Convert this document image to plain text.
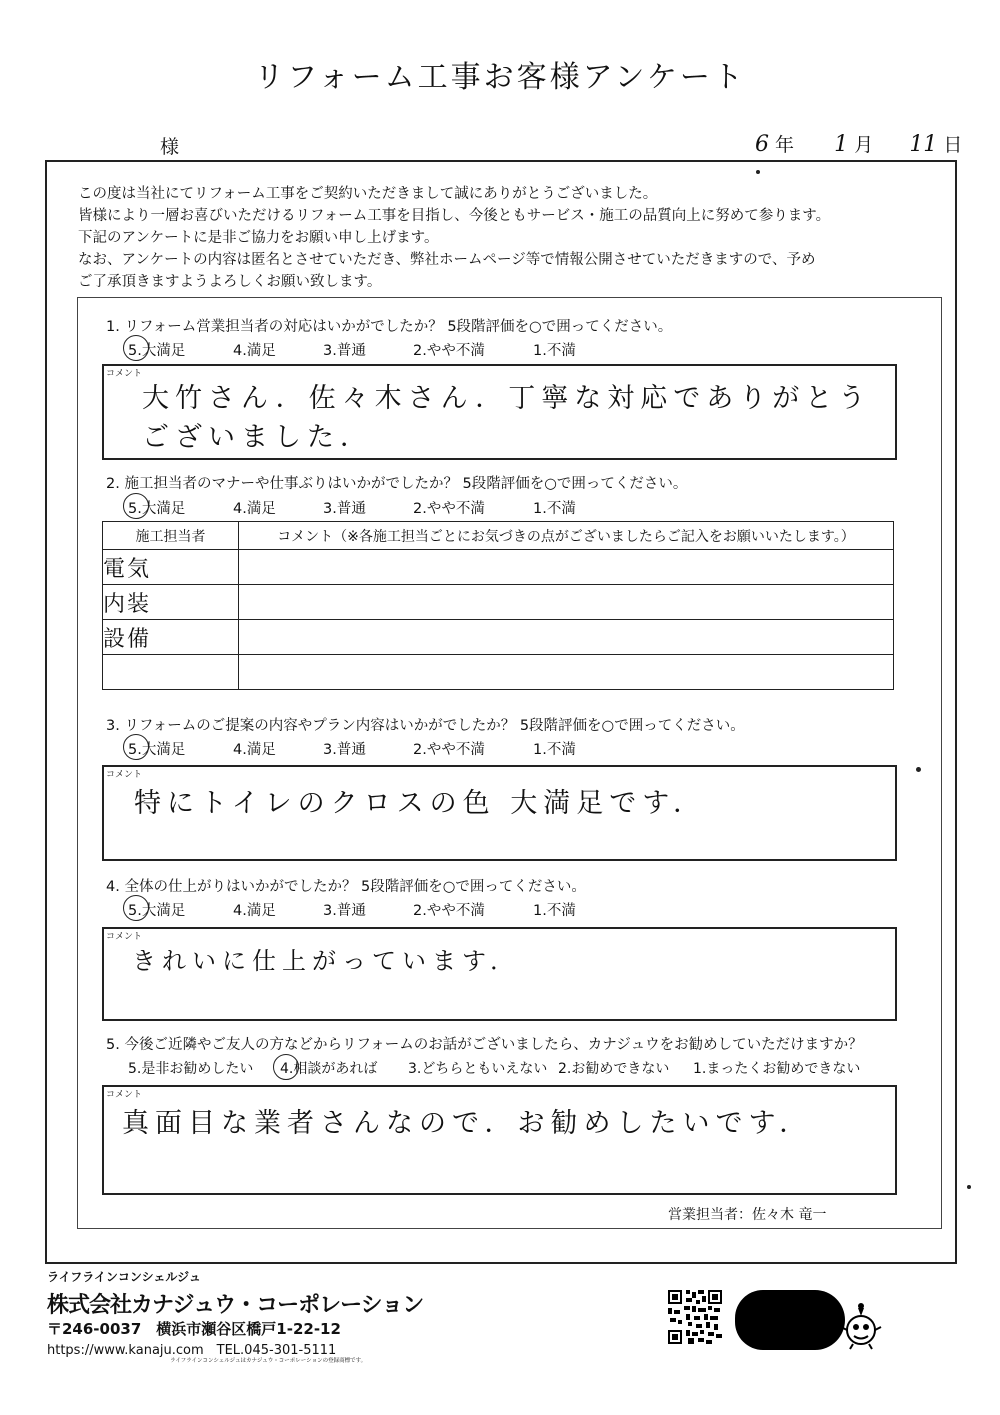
リフォーム工事お客様アンケート
様	6 年 1 月 11 日
この度は当社にてリフォーム工事をご契約いただきまして誠にありがとうございました。
皆様により一層お喜びいただけるリフォーム工事を目指し、今後ともサービス・施工の品質向上に努めて参ります。
下記のアンケートに是非ご協力をお願い申し上げます。
なお、アンケートの内容は匿名とさせていただき、弊社ホームページ等で情報公開させていただきますので、予め
ご了承頂きますようよろしくお願い致します。
1. リフォーム営業担当者の対応はいかがでしたか？ 5段階評価を○で囲ってください。
5.大満足	4.満足	3.普通	2.やや不満	1.不満
コメント
大竹さん．佐々木さん．丁寧な対応でありがとうございました．
2. 施工担当者のマナーや仕事ぶりはいかがでしたか？ 5段階評価を○で囲ってください。
5.大満足	4.満足	3.普通	2.やや不満	1.不満
施工担当者	コメント（※各施工担当ごとにお気づきの点がございましたらご記入をお願いいたします。）
電気	
内装	
設備	

3. リフォームのご提案の内容やプラン内容はいかがでしたか？ 5段階評価を○で囲ってください。
5.大満足	4.満足	3.普通	2.やや不満	1.不満
コメント
特にトイレのクロスの色 大満足です．
4. 全体の仕上がりはいかがでしたか？ 5段階評価を○で囲ってください。
5.大満足	4.満足	3.普通	2.やや不満	1.不満
コメント
きれいに仕上がっています．
5. 今後ご近隣やご友人の方などからリフォームのお話がございましたら、カナジュウをお勧めしていただけますか？
5.是非お勧めしたい	4.相談があれば	3.どちらともいえない 2.お勧めできない	1.まったくお勧めできない
コメント
真面目な業者さんなので．お勧めしたいです．
営業担当者：佐々木 竜一
ライフラインコンシェルジュ
株式会社カナジュウ・コーポレーション
〒246-0037　横浜市瀬谷区橋戸1-22-12
https://www.kanaju.com　TEL.045-301-5111
ライフラインコンシェルジュはカナジュウ・コーポレーションの登録商標です。
